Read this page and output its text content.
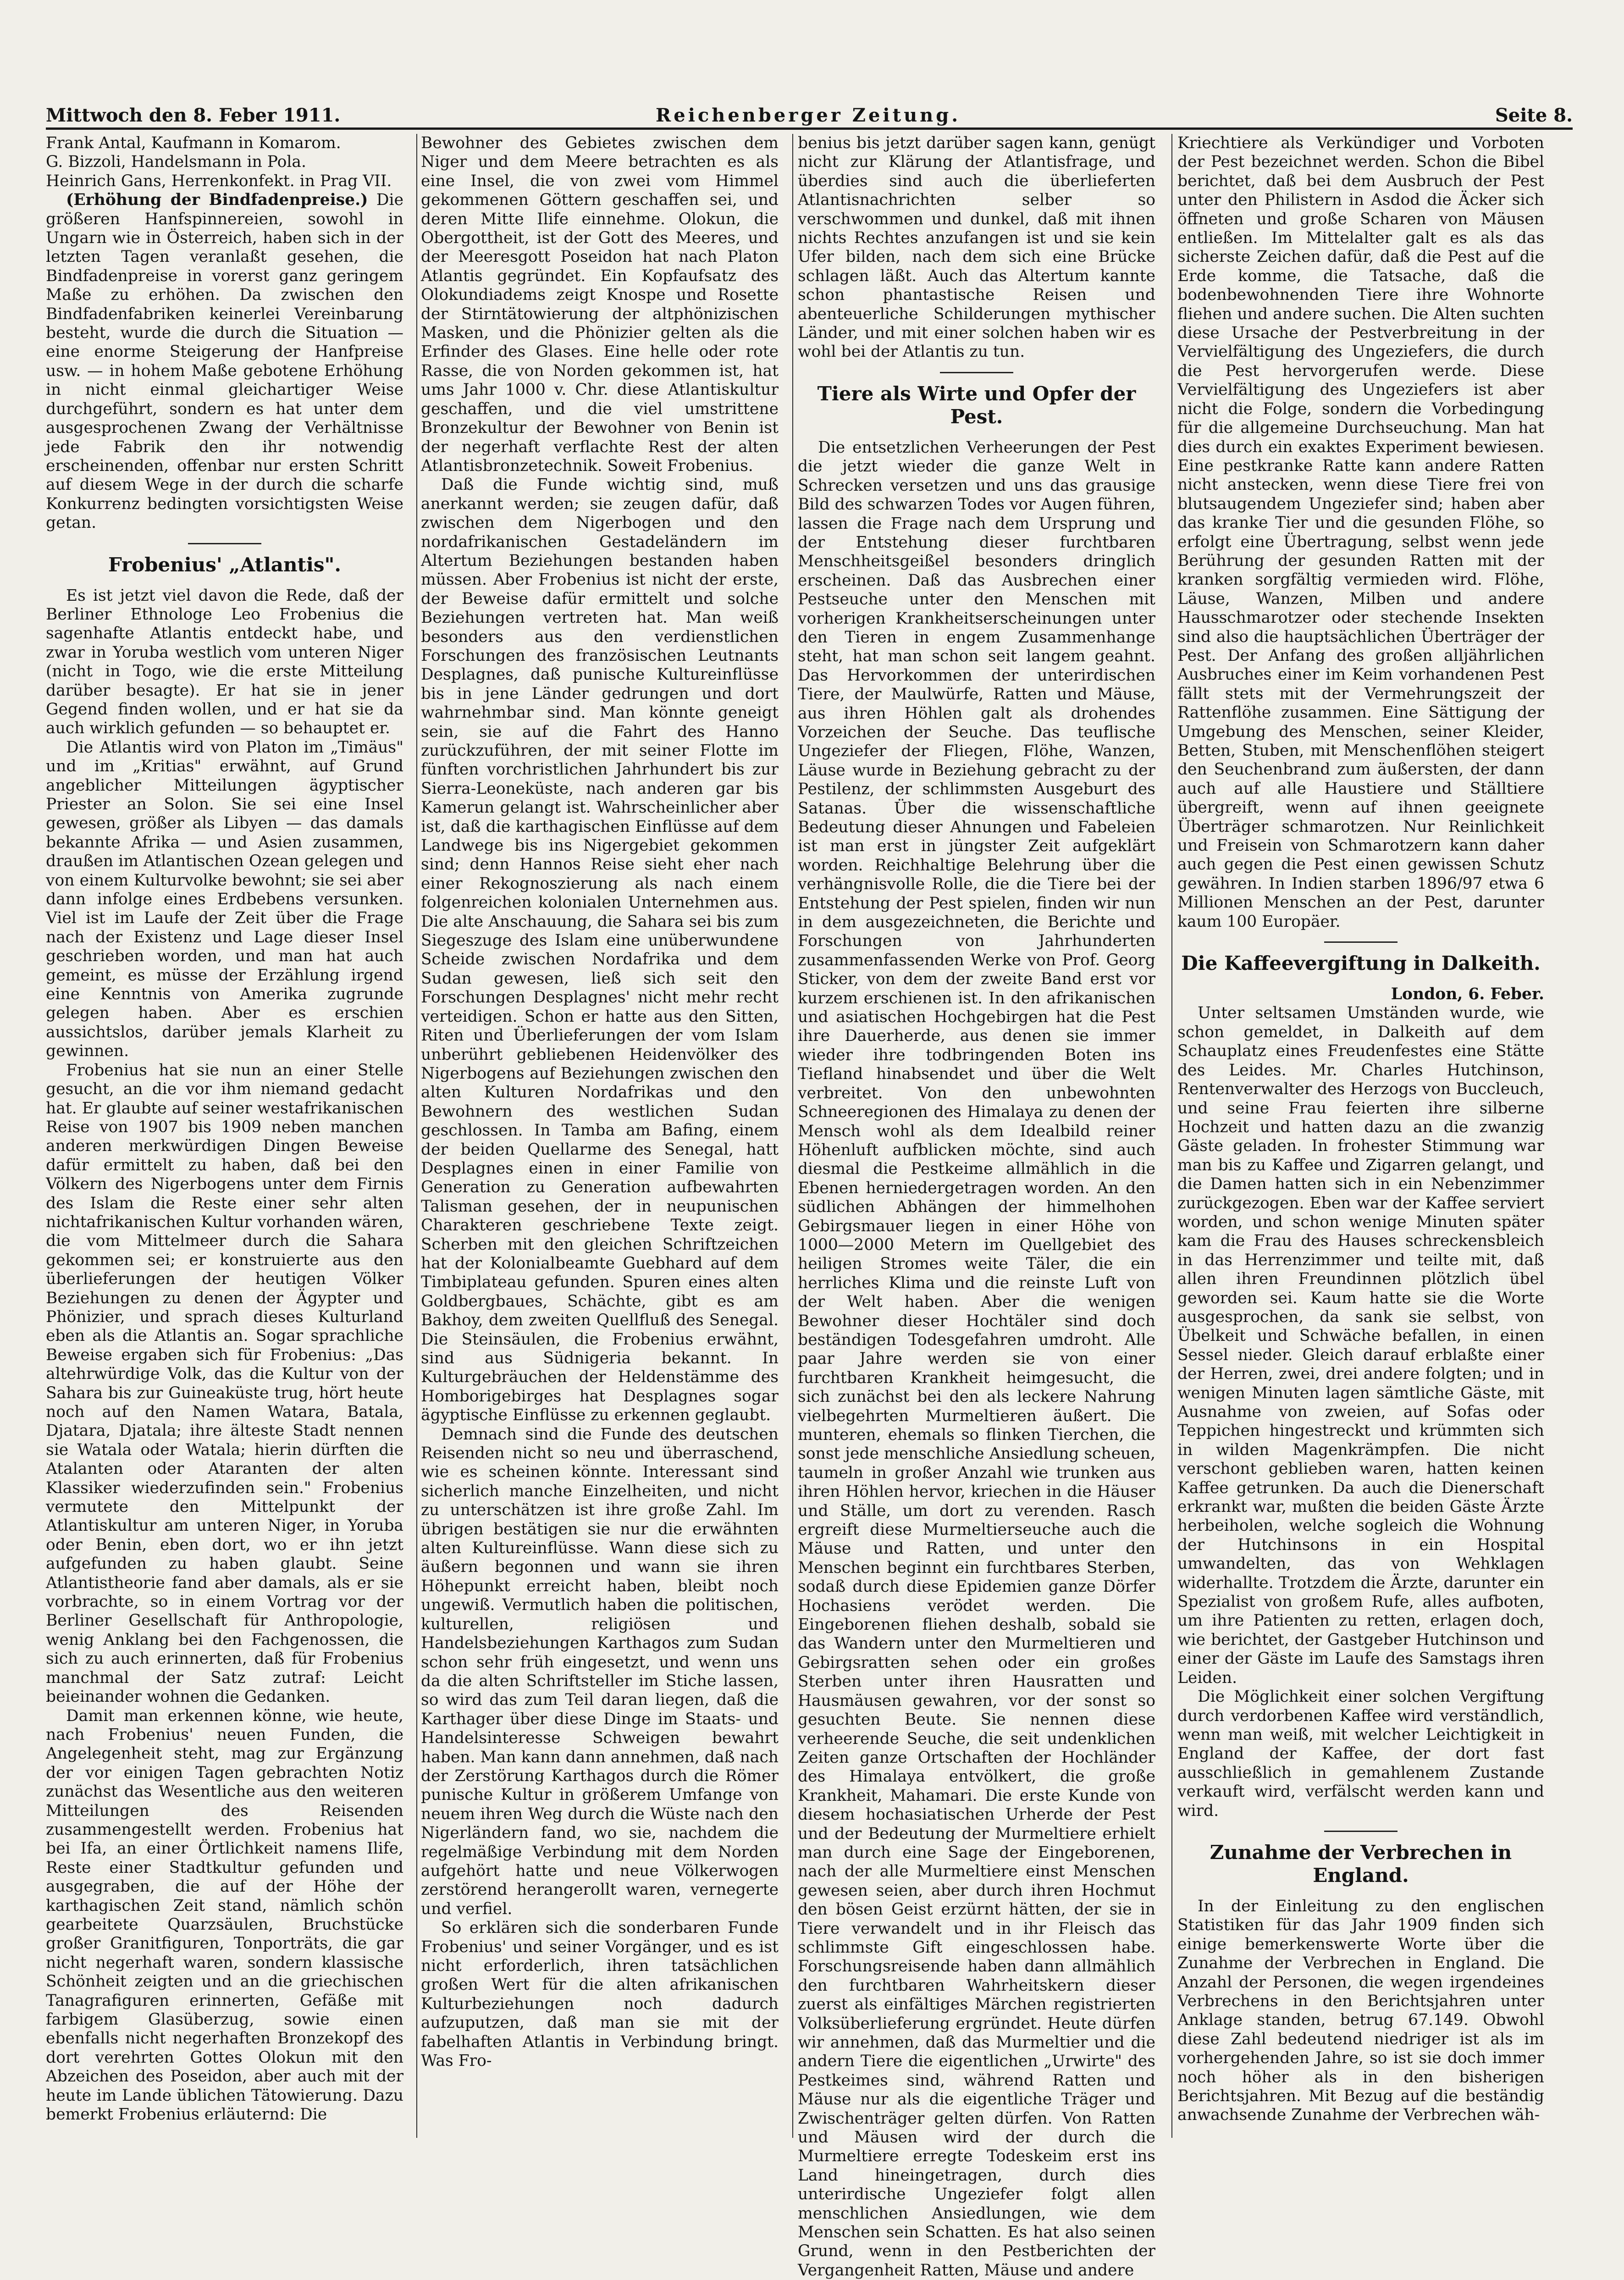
Mittwoch den 8. Feber 1911.	Reichenberger Zeitung.	Seite 8.

Frank Antal, Kaufmann in Komarom.

G. Bizzoli, Handelsmann in Pola.

Heinrich Gans, Herrenkonfekt. in Prag VII.

(Erhöhung der Bindfadenpreise.) Die größeren Hanfspinnereien, sowohl in Ungarn wie in Österreich, haben sich in der letzten Tagen veranlaßt gesehen, die Bindfadenpreise in vorerst ganz geringem Maße zu erhöhen. Da zwischen den Bindfadenfabriken keinerlei Vereinbarung besteht, wurde die durch die Situation — eine enorme Steigerung der Hanfpreise usw. — in hohem Maße gebotene Erhöhung in nicht einmal gleichartiger Weise durchgeführt, sondern es hat unter dem ausgesprochenen Zwang der Verhältnisse jede Fabrik den ihr notwendig erscheinenden, offenbar nur ersten Schritt auf diesem Wege in der durch die scharfe Konkurrenz bedingten vorsichtigsten Weise getan.

Frobenius' „Atlantis".

Es ist jetzt viel davon die Rede, daß der Berliner Ethnologe Leo Frobenius die sagenhafte Atlantis entdeckt habe, und zwar in Yoruba westlich vom unteren Niger (nicht in Togo, wie die erste Mitteilung darüber besagte). Er hat sie in jener Gegend finden wollen, und er hat sie da auch wirklich gefunden — so behauptet er.

Die Atlantis wird von Platon im „Timäus" und im „Kritias" erwähnt, auf Grund angeblicher Mitteilungen ägyptischer Priester an Solon. Sie sei eine Insel gewesen, größer als Libyen — das damals bekannte Afrika — und Asien zusammen, draußen im Atlantischen Ozean gelegen und von einem Kulturvolke bewohnt; sie sei aber dann infolge eines Erdbebens versunken. Viel ist im Laufe der Zeit über die Frage nach der Existenz und Lage dieser Insel geschrieben worden, und man hat auch gemeint, es müsse der Erzählung irgend eine Kenntnis von Amerika zugrunde gelegen haben. Aber es erschien aussichtslos, darüber jemals Klarheit zu gewinnen.

Frobenius hat sie nun an einer Stelle gesucht, an die vor ihm niemand gedacht hat. Er glaubte auf seiner westafrikanischen Reise von 1907 bis 1909 neben manchen anderen merkwürdigen Dingen Beweise dafür ermittelt zu haben, daß bei den Völkern des Nigerbogens unter dem Firnis des Islam die Reste einer sehr alten nichtafrikanischen Kultur vorhanden wären, die vom Mittelmeer durch die Sahara gekommen sei; er konstruierte aus den überlieferungen der heutigen Völker Beziehungen zu denen der Ägypter und Phönizier, und sprach dieses Kulturland eben als die Atlantis an. Sogar sprachliche Beweise ergaben sich für Frobenius: „Das altehrwürdige Volk, das die Kultur von der Sahara bis zur Guineaküste trug, hört heute noch auf den Namen Watara, Batala, Djatara, Djatala; ihre älteste Stadt nennen sie Watala oder Watala; hierin dürften die Atalanten oder Ataranten der alten Klassiker wiederzufinden sein." Frobenius vermutete den Mittelpunkt der Atlantiskultur am unteren Niger, in Yoruba oder Benin, eben dort, wo er ihn jetzt aufgefunden zu haben glaubt. Seine Atlantistheorie fand aber damals, als er sie vorbrachte, so in einem Vortrag vor der Berliner Gesellschaft für Anthropologie, wenig Anklang bei den Fachgenossen, die sich zu auch erinnerten, daß für Frobenius manchmal der Satz zutraf: Leicht beieinander wohnen die Gedanken.

Damit man erkennen könne, wie heute, nach Frobenius' neuen Funden, die Angelegenheit steht, mag zur Ergänzung der vor einigen Tagen gebrachten Notiz zunächst das Wesentliche aus den weiteren Mitteilungen des Reisenden zusammengestellt werden. Frobenius hat bei Ifa, an einer Örtlichkeit namens Ilife, Reste einer Stadtkultur gefunden und ausgegraben, die auf der Höhe der karthagischen Zeit stand, nämlich schön gearbeitete Quarzsäulen, Bruchstücke großer Granitfiguren, Tonporträts, die gar nicht negerhaft waren, sondern klassische Schönheit zeigten und an die griechischen Tanagrafiguren erinnerten, Gefäße mit farbigem Glasüberzug, sowie einen ebenfalls nicht negerhaften Bronzekopf des dort verehrten Gottes Olokun mit den Abzeichen des Poseidon, aber auch mit der heute im Lande üblichen Tätowierung. Dazu bemerkt Frobenius erläuternd: Die

Bewohner des Gebietes zwischen dem Niger und dem Meere betrachten es als eine Insel, die von zwei vom Himmel gekommenen Göttern geschaffen sei, und deren Mitte Ilife einnehme. Olokun, die Obergottheit, ist der Gott des Meeres, und der Meeresgott Poseidon hat nach Platon Atlantis gegründet. Ein Kopfaufsatz des Olokundiadems zeigt Knospe und Rosette der Stirntätowierung der altphönizischen Masken, und die Phönizier gelten als die Erfinder des Glases. Eine helle oder rote Rasse, die von Norden gekommen ist, hat ums Jahr 1000 v. Chr. diese Atlantiskultur geschaffen, und die viel umstrittene Bronzekultur der Bewohner von Benin ist der negerhaft verflachte Rest der alten Atlantisbronzetechnik. Soweit Frobenius.

Daß die Funde wichtig sind, muß anerkannt werden; sie zeugen dafür, daß zwischen dem Nigerbogen und den nordafrikanischen Gestadeländern im Altertum Beziehungen bestanden haben müssen. Aber Frobenius ist nicht der erste, der Beweise dafür ermittelt und solche Beziehungen vertreten hat. Man weiß besonders aus den verdienstlichen Forschungen des französischen Leutnants Desplagnes, daß punische Kultureinflüsse bis in jene Länder gedrungen und dort wahrnehmbar sind. Man könnte geneigt sein, sie auf die Fahrt des Hanno zurückzuführen, der mit seiner Flotte im fünften vorchristlichen Jahrhundert bis zur Sierra-Leoneküste, nach anderen gar bis Kamerun gelangt ist. Wahrscheinlicher aber ist, daß die karthagischen Einflüsse auf dem Landwege bis ins Nigergebiet gekommen sind; denn Hannos Reise sieht eher nach einer Rekognoszierung als nach einem folgenreichen kolonialen Unternehmen aus. Die alte Anschauung, die Sahara sei bis zum Siegeszuge des Islam eine unüberwundene Scheide zwischen Nordafrika und dem Sudan gewesen, ließ sich seit den Forschungen Desplagnes' nicht mehr recht verteidigen. Schon er hatte aus den Sitten, Riten und Überlieferungen der vom Islam unberührt gebliebenen Heidenvölker des Nigerbogens auf Beziehungen zwischen den alten Kulturen Nordafrikas und den Bewohnern des westlichen Sudan geschlossen. In Tamba am Bafing, einem der beiden Quellarme des Senegal, hatt Desplagnes einen in einer Familie von Generation zu Generation aufbewahrten Talisman gesehen, der in neupunischen Charakteren geschriebene Texte zeigt. Scherben mit den gleichen Schriftzeichen hat der Kolonialbeamte Guebhard auf dem Timbiplateau gefunden. Spuren eines alten Goldbergbaues, Schächte, gibt es am Bakhoy, dem zweiten Quellfluß des Senegal. Die Steinsäulen, die Frobenius erwähnt, sind aus Südnigeria bekannt. In Kulturgebräuchen der Heldenstämme des Homborigebirges hat Desplagnes sogar ägyptische Einflüsse zu erkennen geglaubt.

Demnach sind die Funde des deutschen Reisenden nicht so neu und überraschend, wie es scheinen könnte. Interessant sind sicherlich manche Einzelheiten, und nicht zu unterschätzen ist ihre große Zahl. Im übrigen bestätigen sie nur die erwähnten alten Kultureinflüsse. Wann diese sich zu äußern begonnen und wann sie ihren Höhepunkt erreicht haben, bleibt noch ungewiß. Vermutlich haben die politischen, kulturellen, religiösen und Handelsbeziehungen Karthagos zum Sudan schon sehr früh eingesetzt, und wenn uns da die alten Schriftsteller im Stiche lassen, so wird das zum Teil daran liegen, daß die Karthager über diese Dinge im Staats- und Handelsinteresse Schweigen bewahrt haben. Man kann dann annehmen, daß nach der Zerstörung Karthagos durch die Römer punische Kultur in größerem Umfange von neuem ihren Weg durch die Wüste nach den Nigerländern fand, wo sie, nachdem die regelmäßige Verbindung mit dem Norden aufgehört hatte und neue Völkerwogen zerstörend herangerollt waren, vernegerte und verfiel.

So erklären sich die sonderbaren Funde Frobenius' und seiner Vorgänger, und es ist nicht erforderlich, ihren tatsächlichen großen Wert für die alten afrikanischen Kulturbeziehungen noch dadurch aufzuputzen, daß man sie mit der fabelhaften Atlantis in Verbindung bringt. Was Fro-

benius bis jetzt darüber sagen kann, genügt nicht zur Klärung der Atlantisfrage, und überdies sind auch die überlieferten Atlantisnachrichten selber so verschwommen und dunkel, daß mit ihnen nichts Rechtes anzufangen ist und sie kein Ufer bilden, nach dem sich eine Brücke schlagen läßt. Auch das Altertum kannte schon phantastische Reisen und abenteuerliche Schilderungen mythischer Länder, und mit einer solchen haben wir es wohl bei der Atlantis zu tun.

Tiere als Wirte und Opfer der Pest.

Die entsetzlichen Verheerungen der Pest die jetzt wieder die ganze Welt in Schrecken versetzen und uns das grausige Bild des schwarzen Todes vor Augen führen, lassen die Frage nach dem Ursprung und der Entstehung dieser furchtbaren Menschheitsgeißel besonders dringlich erscheinen. Daß das Ausbrechen einer Pestseuche unter den Menschen mit vorherigen Krankheitserscheinungen unter den Tieren in engem Zusammenhange steht, hat man schon seit langem geahnt. Das Hervorkommen der unterirdischen Tiere, der Maulwürfe, Ratten und Mäuse, aus ihren Höhlen galt als drohendes Vorzeichen der Seuche. Das teuflische Ungeziefer der Fliegen, Flöhe, Wanzen, Läuse wurde in Beziehung gebracht zu der Pestilenz, der schlimmsten Ausgeburt des Satanas. Über die wissenschaftliche Bedeutung dieser Ahnungen und Fabeleien ist man erst in jüngster Zeit aufgeklärt worden. Reichhaltige Belehrung über die verhängnisvolle Rolle, die die Tiere bei der Entstehung der Pest spielen, finden wir nun in dem ausgezeichneten, die Berichte und Forschungen von Jahrhunderten zusammenfassenden Werke von Prof. Georg Sticker, von dem der zweite Band erst vor kurzem erschienen ist. In den afrikanischen und asiatischen Hochgebirgen hat die Pest ihre Dauerherde, aus denen sie immer wieder ihre todbringenden Boten ins Tiefland hinabsendet und über die Welt verbreitet. Von den unbewohnten Schneeregionen des Himalaya zu denen der Mensch wohl als dem Idealbild reiner Höhenluft aufblicken möchte, sind auch diesmal die Pestkeime allmählich in die Ebenen herniedergetragen worden. An den südlichen Abhängen der himmelhohen Gebirgsmauer liegen in einer Höhe von 1000—2000 Metern im Quellgebiet des heiligen Stromes weite Täler, die ein herrliches Klima und die reinste Luft von der Welt haben. Aber die wenigen Bewohner dieser Hochtäler sind doch beständigen Todesgefahren umdroht. Alle paar Jahre werden sie von einer furchtbaren Krankheit heimgesucht, die sich zunächst bei den als leckere Nahrung vielbegehrten Murmeltieren äußert. Die munteren, ehemals so flinken Tierchen, die sonst jede menschliche Ansiedlung scheuen, taumeln in großer Anzahl wie trunken aus ihren Höhlen hervor, kriechen in die Häuser und Ställe, um dort zu verenden. Rasch ergreift diese Murmeltierseuche auch die Mäuse und Ratten, und unter den Menschen beginnt ein furchtbares Sterben, sodaß durch diese Epidemien ganze Dörfer Hochasiens verödet werden. Die Eingeborenen fliehen deshalb, sobald sie das Wandern unter den Murmeltieren und Gebirgsratten sehen oder ein großes Sterben unter ihren Hausratten und Hausmäusen gewahren, vor der sonst so gesuchten Beute. Sie nennen diese verheerende Seuche, die seit undenklichen Zeiten ganze Ortschaften der Hochländer des Himalaya entvölkert, die große Krankheit, Mahamari. Die erste Kunde von diesem hochasiatischen Urherde der Pest und der Bedeutung der Murmeltiere erhielt man durch eine Sage der Eingeborenen, nach der alle Murmeltiere einst Menschen gewesen seien, aber durch ihren Hochmut den bösen Geist erzürnt hätten, der sie in Tiere verwandelt und in ihr Fleisch das schlimmste Gift eingeschlossen habe. Forschungsreisende haben dann allmählich den furchtbaren Wahrheitskern dieser zuerst als einfältiges Märchen registrierten Volksüberlieferung ergründet. Heute dürfen wir annehmen, daß das Murmeltier und die andern Tiere die eigentlichen „Urwirte" des Pestkeimes sind, während Ratten und Mäuse nur als die eigentliche Träger und Zwischenträger gelten dürfen. Von Ratten und Mäusen wird der durch die Murmeltiere erregte Todeskeim erst ins Land hineingetragen, durch dies unterirdische Ungeziefer folgt allen menschlichen Ansiedlungen, wie dem Menschen sein Schatten. Es hat also seinen Grund, wenn in den Pestberichten der Vergangenheit Ratten, Mäuse und andere

Kriechtiere als Verkündiger und Vorboten der Pest bezeichnet werden. Schon die Bibel berichtet, daß bei dem Ausbruch der Pest unter den Philistern in Asdod die Äcker sich öffneten und große Scharen von Mäusen entließen. Im Mittelalter galt es als das sicherste Zeichen dafür, daß die Pest auf die Erde komme, die Tatsache, daß die bodenbewohnenden Tiere ihre Wohnorte fliehen und andere suchen. Die Alten suchten diese Ursache der Pestverbreitung in der Vervielfältigung des Ungeziefers, die durch die Pest hervorgerufen werde. Diese Vervielfältigung des Ungeziefers ist aber nicht die Folge, sondern die Vorbedingung für die allgemeine Durchseuchung. Man hat dies durch ein exaktes Experiment bewiesen. Eine pestkranke Ratte kann andere Ratten nicht anstecken, wenn diese Tiere frei von blutsaugendem Ungeziefer sind; haben aber das kranke Tier und die gesunden Flöhe, so erfolgt eine Übertragung, selbst wenn jede Berührung der gesunden Ratten mit der kranken sorgfältig vermieden wird. Flöhe, Läuse, Wanzen, Milben und andere Hausschmarotzer oder stechende Insekten sind also die hauptsächlichen Überträger der Pest. Der Anfang des großen alljährlichen Ausbruches einer im Keim vorhandenen Pest fällt stets mit der Vermehrungszeit der Rattenflöhe zusammen. Eine Sättigung der Umgebung des Menschen, seiner Kleider, Betten, Stuben, mit Menschenflöhen steigert den Seuchenbrand zum äußersten, der dann auch auf alle Haustiere und Ställtiere übergreift, wenn auf ihnen geeignete Überträger schmarotzen. Nur Reinlichkeit und Freisein von Schmarotzern kann daher auch gegen die Pest einen gewissen Schutz gewähren. In Indien starben 1896/97 etwa 6 Millionen Menschen an der Pest, darunter kaum 100 Europäer.

Die Kaffeevergiftung in Dalkeith.

London, 6. Feber.

Unter seltsamen Umständen wurde, wie schon gemeldet, in Dalkeith auf dem Schauplatz eines Freudenfestes eine Stätte des Leides. Mr. Charles Hutchinson, Rentenverwalter des Herzogs von Buccleuch, und seine Frau feierten ihre silberne Hochzeit und hatten dazu an die zwanzig Gäste geladen. In frohester Stimmung war man bis zu Kaffee und Zigarren gelangt, und die Damen hatten sich in ein Nebenzimmer zurückgezogen. Eben war der Kaffee serviert worden, und schon wenige Minuten später kam die Frau des Hauses schreckensbleich in das Herrenzimmer und teilte mit, daß allen ihren Freundinnen plötzlich übel geworden sei. Kaum hatte sie die Worte ausgesprochen, da sank sie selbst, von Übelkeit und Schwäche befallen, in einen Sessel nieder. Gleich darauf erblaßte einer der Herren, zwei, drei andere folgten; und in wenigen Minuten lagen sämtliche Gäste, mit Ausnahme von zweien, auf Sofas oder Teppichen hingestreckt und krümmten sich in wilden Magenkrämpfen. Die nicht verschont geblieben waren, hatten keinen Kaffee getrunken. Da auch die Dienerschaft erkrankt war, mußten die beiden Gäste Ärzte herbeiholen, welche sogleich die Wohnung der Hutchinsons in ein Hospital umwandelten, das von Wehklagen widerhallte. Trotzdem die Ärzte, darunter ein Spezialist von großem Rufe, alles aufboten, um ihre Patienten zu retten, erlagen doch, wie berichtet, der Gastgeber Hutchinson und einer der Gäste im Laufe des Samstags ihren Leiden.

Die Möglichkeit einer solchen Vergiftung durch verdorbenen Kaffee wird verständlich, wenn man weiß, mit welcher Leichtigkeit in England der Kaffee, der dort fast ausschließlich in gemahlenem Zustande verkauft wird, verfälscht werden kann und wird.

Zunahme der Verbrechen in England.

In der Einleitung zu den englischen Statistiken für das Jahr 1909 finden sich einige bemerkenswerte Worte über die Zunahme der Verbrechen in England. Die Anzahl der Personen, die wegen irgendeines Verbrechens in den Berichtsjahren unter Anklage standen, betrug 67.149. Obwohl diese Zahl bedeutend niedriger ist als im vorhergehenden Jahre, so ist sie doch immer noch höher als in den bisherigen Berichtsjahren. Mit Bezug auf die beständig anwachsende Zunahme der Verbrechen wäh-
